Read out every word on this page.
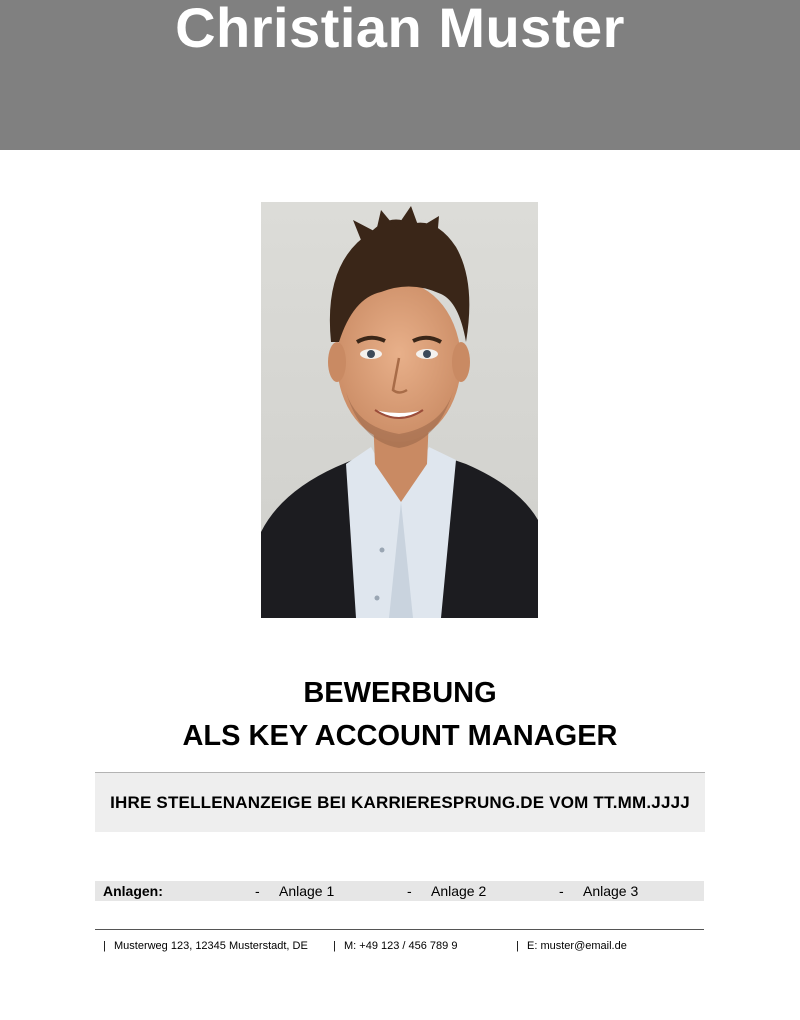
Christian Muster
BEWERBUNG
ALS KEY ACCOUNT MANAGER
IHRE STELLENANZEIGE BEI KARRIERESPRUNG.DE VOM TT.MM.JJJJ
Anlagen:	- Anlage 1	- Anlage 2	- Anlage 3
| Musterweg 123, 12345 Musterstadt, DE | M: +49 123 / 456 789 9	| E: muster@email.de
